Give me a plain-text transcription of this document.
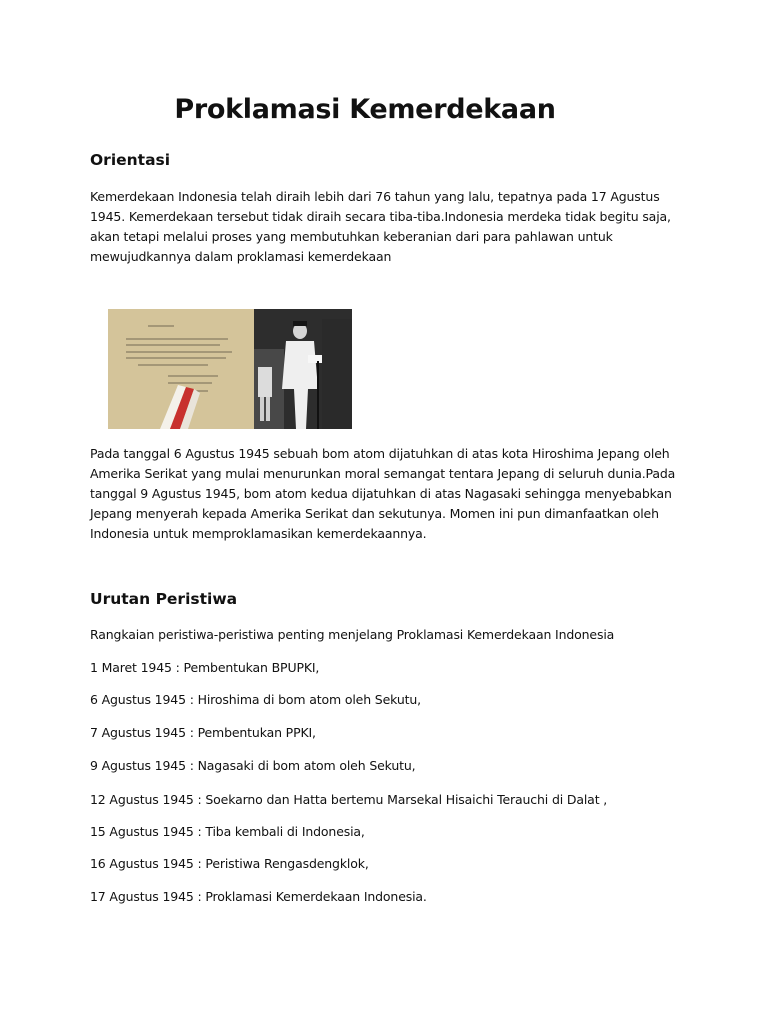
Proklamasi Kemerdekaan
Orientasi

Kemerdekaan Indonesia telah diraih lebih dari 76 tahun yang lalu, tepatnya pada 17 Agustus 1945. Kemerdekaan tersebut tidak diraih secara tiba-tiba.Indonesia merdeka tidak begitu saja, akan tetapi melalui proses yang membutuhkan keberanian dari para pahlawan untuk mewujudkannya dalam proklamasi kemerdekaan

Pada tanggal 6 Agustus 1945 sebuah bom atom dijatuhkan di atas kota Hiroshima Jepang oleh Amerika Serikat yang mulai menurunkan moral semangat tentara Jepang di seluruh dunia.Pada tanggal 9 Agustus 1945, bom atom kedua dijatuhkan di atas Nagasaki sehingga menyebabkan Jepang menyerah kepada Amerika Serikat dan sekutunya. Momen ini pun dimanfaatkan oleh Indonesia untuk memproklamasikan kemerdekaannya.

Urutan Peristiwa

Rangkaian peristiwa-peristiwa penting menjelang Proklamasi Kemerdekaan Indonesia

1 Maret 1945 : Pembentukan BPUPKI,

6 Agustus 1945 : Hiroshima di bom atom oleh Sekutu,

7 Agustus 1945 : Pembentukan PPKI,

9 Agustus 1945 : Nagasaki di bom atom oleh Sekutu,

12 Agustus 1945 : Soekarno dan Hatta bertemu Marsekal Hisaichi Terauchi di Dalat ,

15 Agustus 1945 : Tiba kembali di Indonesia,

16 Agustus 1945 : Peristiwa Rengasdengklok,

17 Agustus 1945 : Proklamasi Kemerdekaan Indonesia.
